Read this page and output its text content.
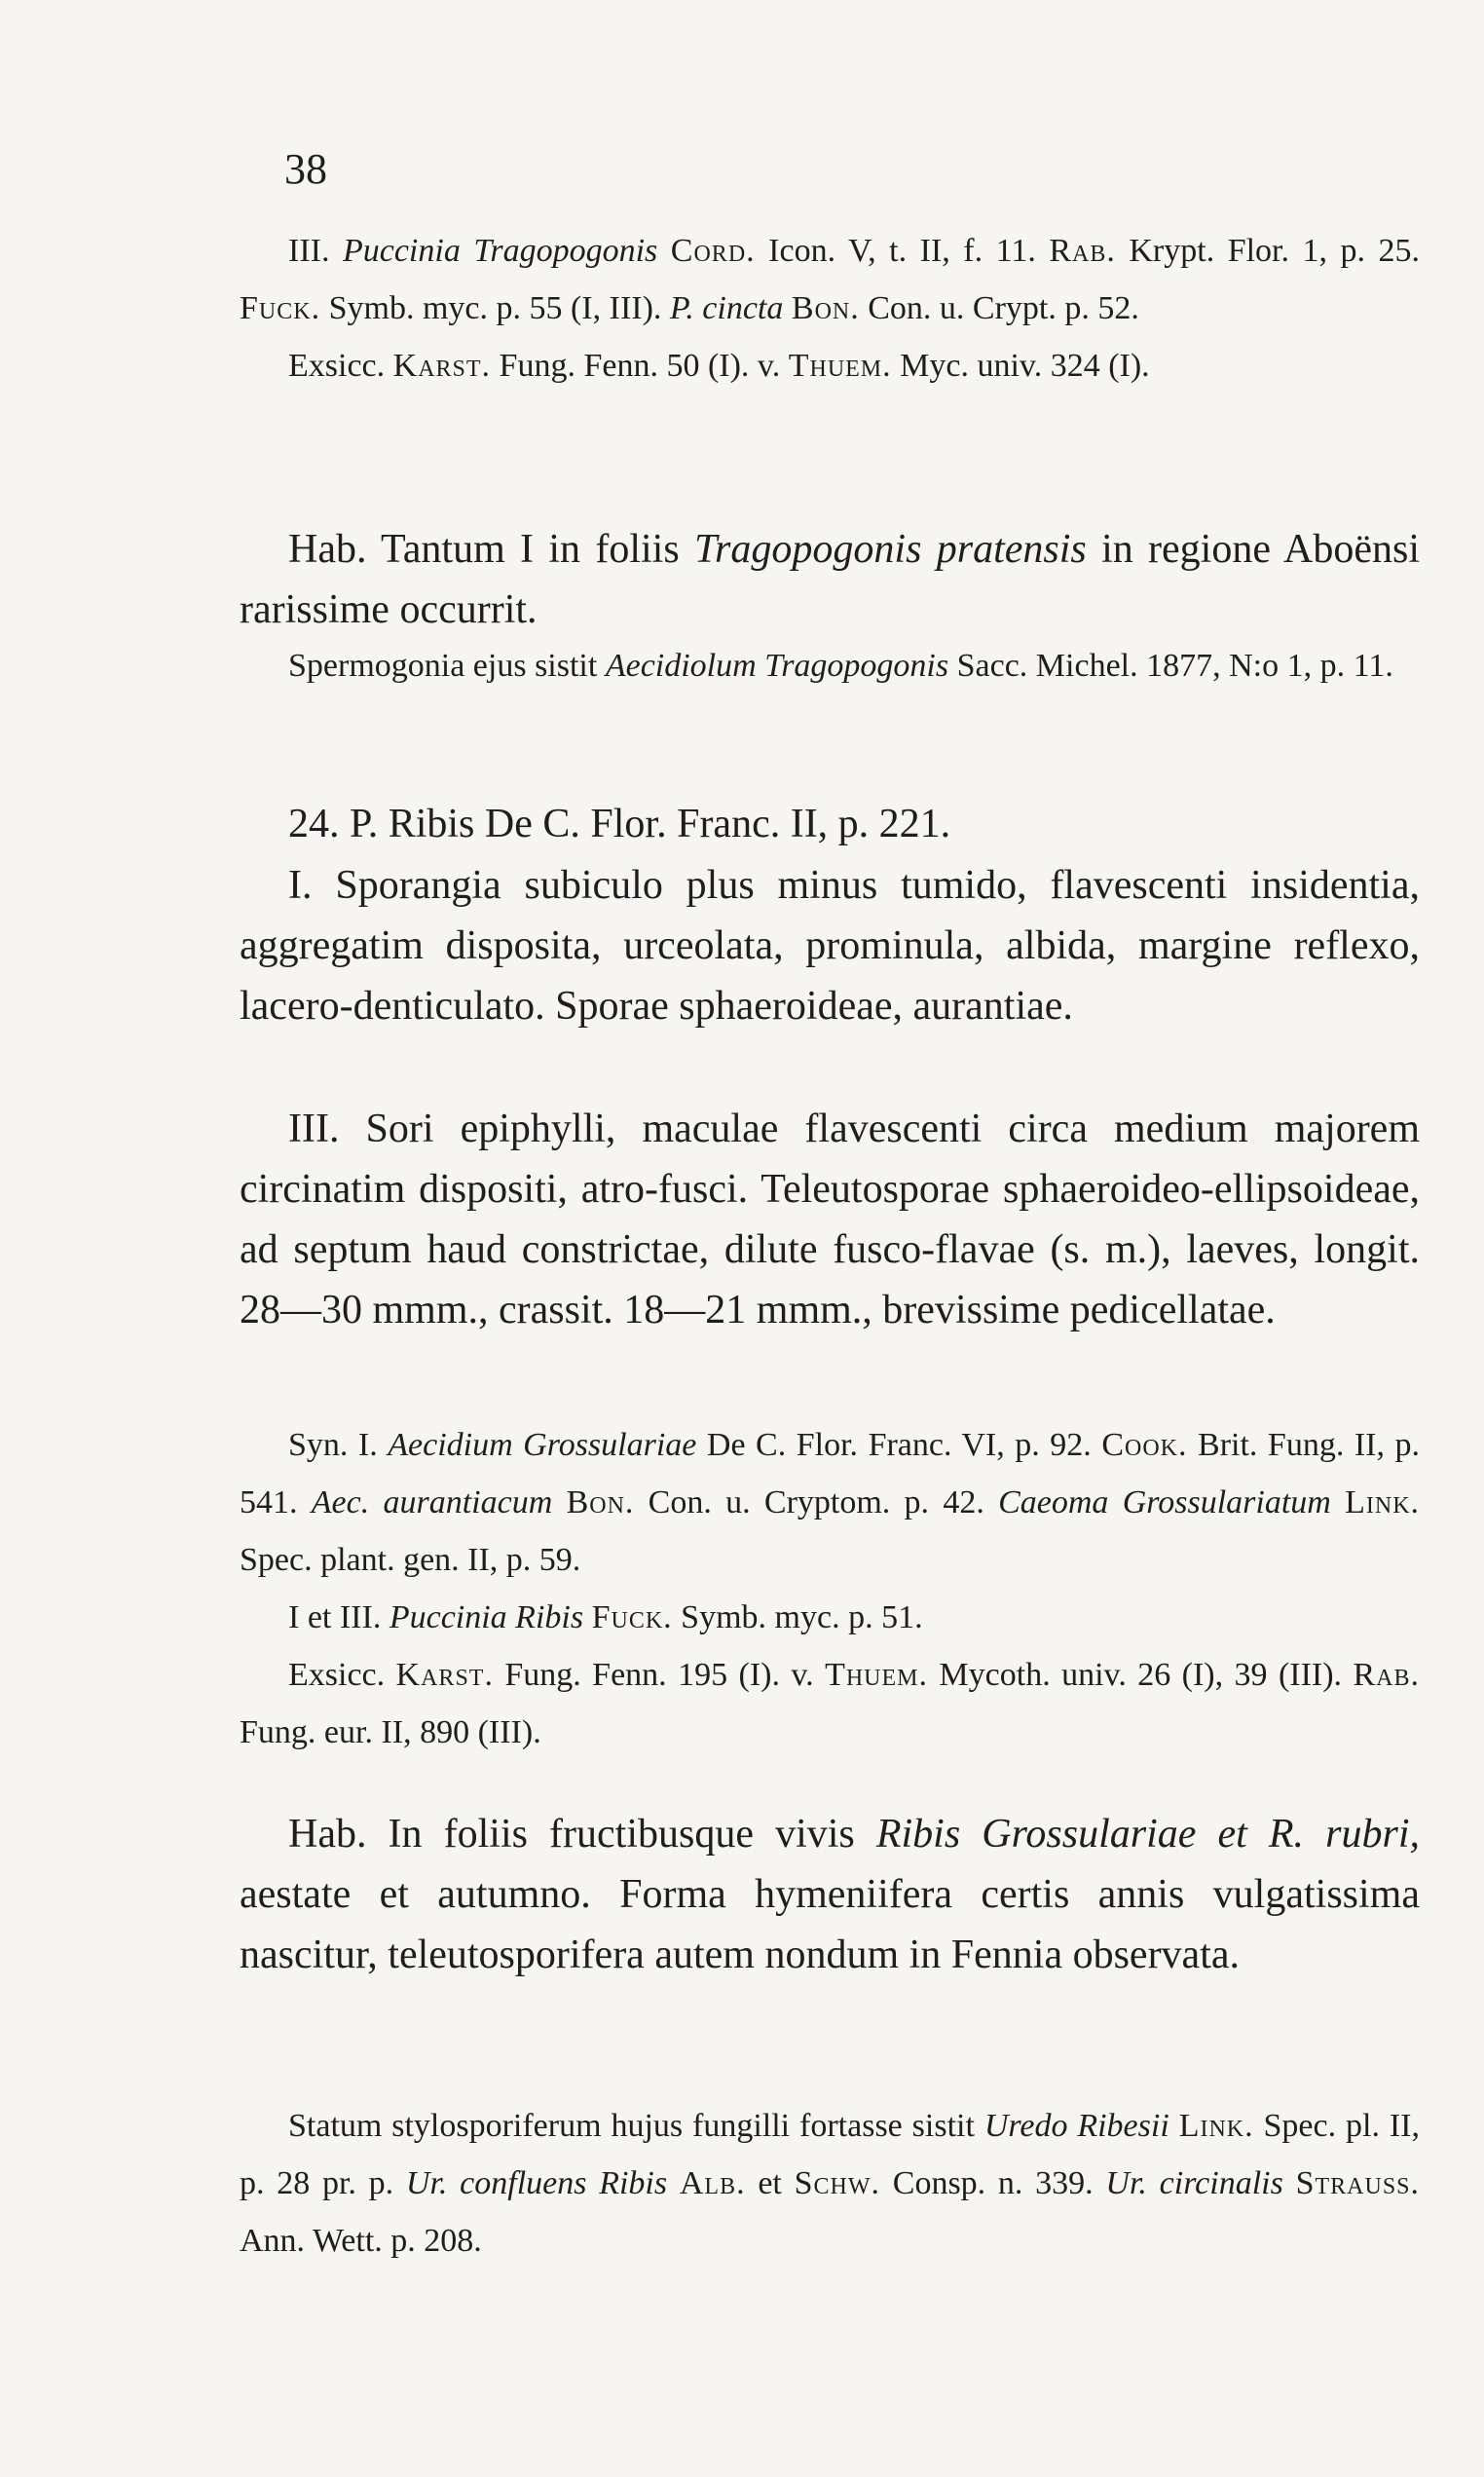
38

III. Puccinia Tragopogonis Cord. Icon. V, t. II, f. 11. Rab. Krypt. Flor. 1, p. 25. Fuck. Symb. myc. p. 55 (I, III). P. cincta Bon. Con. u. Crypt. p. 52.

Exsicc. Karst. Fung. Fenn. 50 (I). v. Thuem. Myc. univ. 324 (I).

Hab. Tantum I in foliis Tragopogonis pratensis in regione Aboënsi rarissime occurrit.

Spermogonia ejus sistit Aecidiolum Tragopogonis Sacc. Michel. 1877, N:o 1, p. 11.

24. P. Ribis De C. Flor. Franc. II, p. 221.

I. Sporangia subiculo plus minus tumido, flavescenti insidentia, aggregatim disposita, urceolata, prominula, albida, margine reflexo, lacero-denticulato. Sporae sphaeroideae, aurantiae.

III. Sori epiphylli, maculae flavescenti circa medium majorem circinatim dispositi, atro-fusci. Teleutosporae sphaeroideo-ellipsoideae, ad septum haud constrictae, dilute fusco-flavae (s. m.), laeves, longit. 28—30 mmm., crassit. 18—21 mmm., brevissime pedicellatae.

Syn. I. Aecidium Grossulariae De C. Flor. Franc. VI, p. 92. Cook. Brit. Fung. II, p. 541. Aec. aurantiacum Bon. Con. u. Cryptom. p. 42. Caeoma Grossulariatum Link. Spec. plant. gen. II, p. 59.

I et III. Puccinia Ribis Fuck. Symb. myc. p. 51.

Exsicc. Karst. Fung. Fenn. 195 (I). v. Thuem. Mycoth. univ. 26 (I), 39 (III). Rab. Fung. eur. II, 890 (III).

Hab. In foliis fructibusque vivis Ribis Grossulariae et R. rubri, aestate et autumno. Forma hymeniifera certis annis vulgatissima nascitur, teleutosporifera autem nondum in Fennia observata.

Statum stylosporiferum hujus fungilli fortasse sistit Uredo Ribesii Link. Spec. pl. II, p. 28 pr. p. Ur. confluens Ribis Alb. et Schw. Consp. n. 339. Ur. circinalis Strauss. Ann. Wett. p. 208.
